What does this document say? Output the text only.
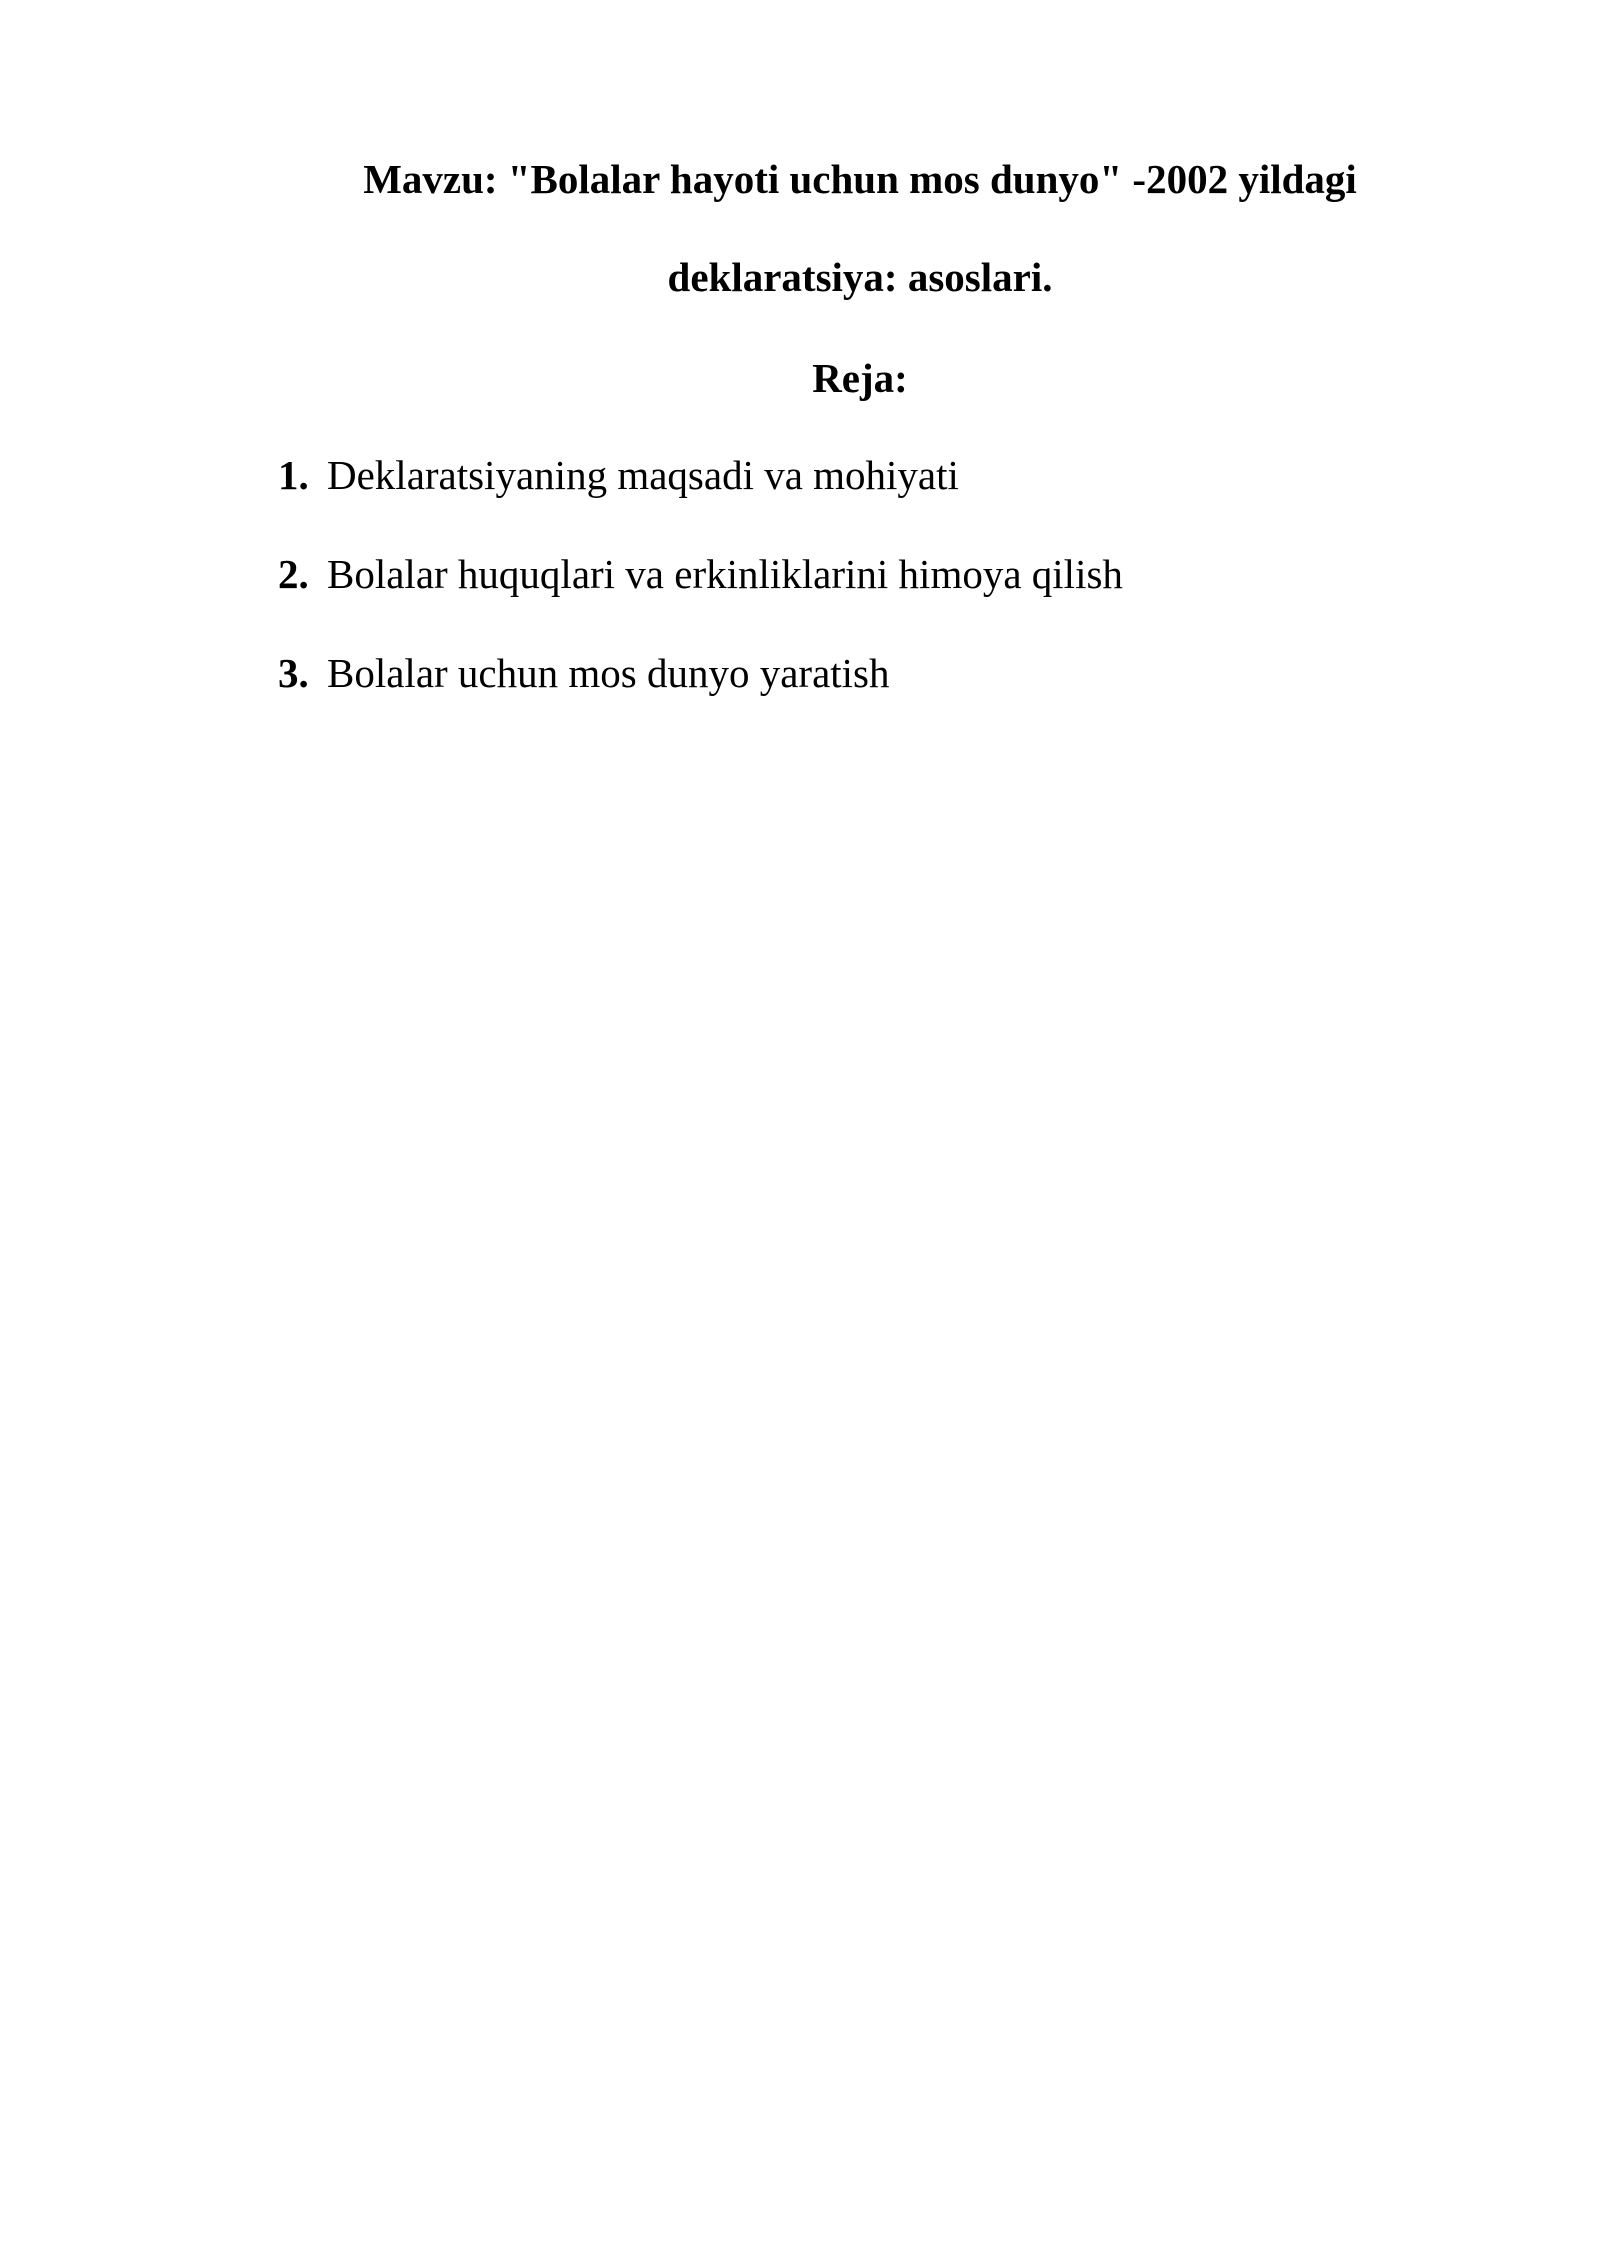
Mavzu: "Bolalar hayoti uchun mos dunyo" -2002 yildagi
deklaratsiya: asoslari.
Reja:
1. Deklaratsiyaning maqsadi va mohiyati
2. Bolalar huquqlari va erkinliklarini himoya qilish
3. Bolalar uchun mos dunyo yaratish
